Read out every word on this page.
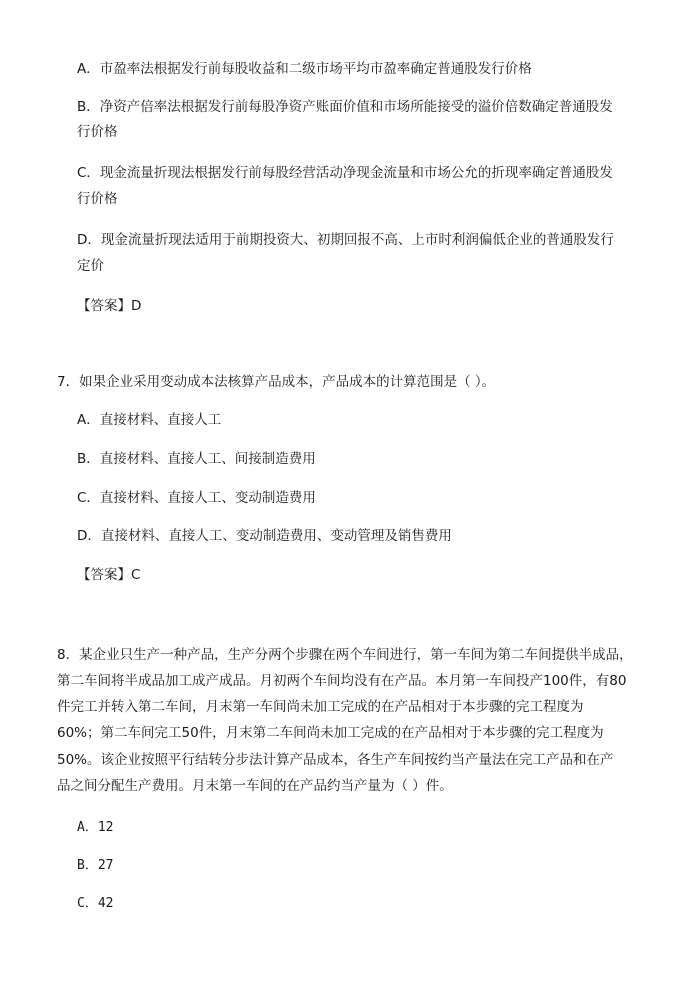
A．市盈率法根据发行前每股收益和二级市场平均市盈率确定普通股发行价格
B．净资产倍率法根据发行前每股净资产账面价值和市场所能接受的溢价倍数确定普通股发
行价格
C．现金流量折现法根据发行前每股经营活动净现金流量和市场公允的折现率确定普通股发
行价格
D．现金流量折现法适用于前期投资大、初期回报不高、上市时利润偏低企业的普通股发行
定价
【答案】D
7．如果企业采用变动成本法核算产品成本，产品成本的计算范围是（ ）。
A．直接材料、直接人工
B．直接材料、直接人工、间接制造费用
C．直接材料、直接人工、变动制造费用
D．直接材料、直接人工、变动制造费用、变动管理及销售费用
【答案】C
8．某企业只生产一种产品，生产分两个步骤在两个车间进行，第一车间为第二车间提供半成品，
第二车间将半成品加工成产成品。月初两个车间均没有在产品。本月第一车间投产100件，有80
件完工并转入第二车间，月末第一车间尚未加工完成的在产品相对于本步骤的完工程度为
60%；第二车间完工50件，月末第二车间尚未加工完成的在产品相对于本步骤的完工程度为
50%。该企业按照平行结转分步法计算产品成本，各生产车间按约当产量法在完工产品和在产
品之间分配生产费用。月末第一车间的在产品约当产量为（ ）件。
A．12
B．27
C．42
